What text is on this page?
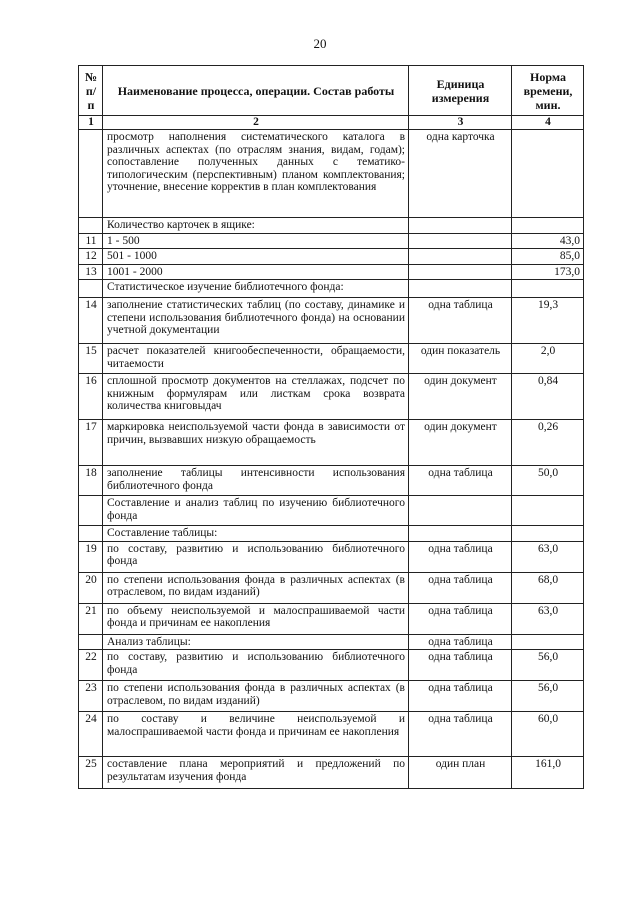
20
№ п/п	Наименование процесса, операции. Состав работы	Единица измерения	Норма времени, мин.
1	2	3	4
	просмотр наполнения систематического каталога в различных аспектах (по отраслям знания, видам, годам); сопоставление полученных данных с тематико-типологическим (перспективным) планом комплектования; уточнение, внесение корректив в план комплектования	одна карточка	
	Количество карточек в ящике:		
11	1 - 500		43,0
12	501 - 1000		85,0
13	1001 - 2000		173,0
	Статистическое изучение библиотечного фонда:		
14	заполнение статистических таблиц (по составу, динамике и степени использования библиотечного фонда) на основании учетной документации	одна таблица	19,3
15	расчет показателей книгообеспеченности, обращаемости, читаемости	один показатель	2,0
16	сплошной просмотр документов на стеллажах, подсчет по книжным формулярам или листкам срока возврата количества книговыдач	один документ	0,84
17	маркировка неиспользуемой части фонда в зависимости от причин, вызвавших низкую обращаемость	один документ	0,26
18	заполнение таблицы интенсивности использования библиотечного фонда	одна таблица	50,0
	Составление и анализ таблиц по изучению библиотечного фонда		
	Составление таблицы:		
19	по составу, развитию и использованию библиотечного фонда	одна таблица	63,0
20	по степени использования фонда в различных аспектах (в отраслевом, по видам изданий)	одна таблица	68,0
21	по объему неиспользуемой и малоспрашиваемой части фонда и причинам ее накопления	одна таблица	63,0
	Анализ таблицы:	одна таблица	
22	по составу, развитию и использованию библиотечного фонда	одна таблица	56,0
23	по степени использования фонда в различных аспектах (в отраслевом, по видам изданий)	одна таблица	56,0
24	по составу и величине неиспользуемой и малоспрашиваемой части фонда и причинам ее накопления	одна таблица	60,0
25	составление плана мероприятий и предложений по результатам изучения фонда	один план	161,0
